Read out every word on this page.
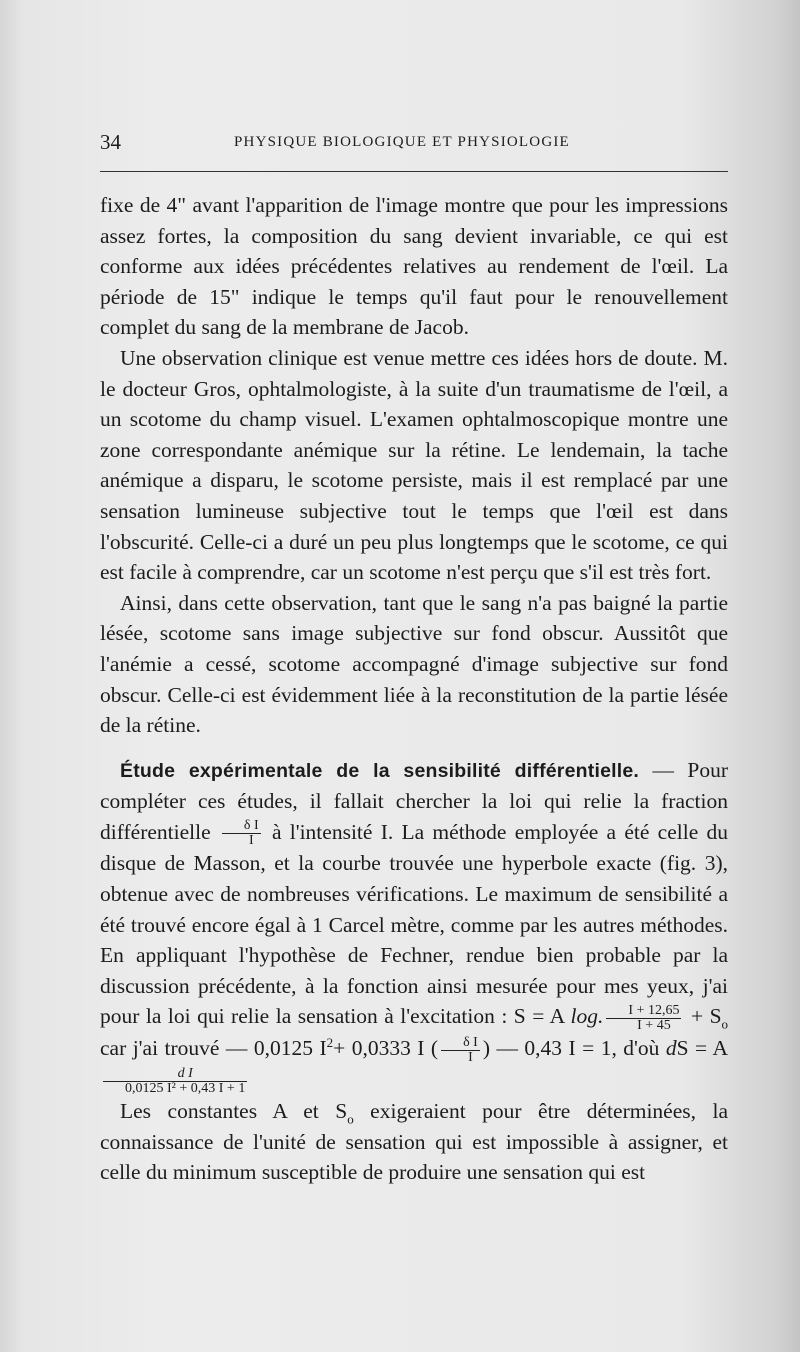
34	PHYSIQUE BIOLOGIQUE ET PHYSIOLOGIE

fixe de 4" avant l'apparition de l'image montre que pour les impressions assez fortes, la composition du sang devient invariable, ce qui est conforme aux idées précédentes relatives au rendement de l'œil. La période de 15" indique le temps qu'il faut pour le renouvellement complet du sang de la membrane de Jacob.

Une observation clinique est venue mettre ces idées hors de doute. M. le docteur Gros, ophtalmologiste, à la suite d'un traumatisme de l'œil, a un scotome du champ visuel. L'examen ophtalmoscopique montre une zone correspondante anémique sur la rétine. Le lendemain, la tache anémique a disparu, le scotome persiste, mais il est remplacé par une sensation lumineuse subjective tout le temps que l'œil est dans l'obscurité. Celle-ci a duré un peu plus longtemps que le scotome, ce qui est facile à comprendre, car un scotome n'est perçu que s'il est très fort.

Ainsi, dans cette observation, tant que le sang n'a pas baigné la partie lésée, scotome sans image subjective sur fond obscur. Aussitôt que l'anémie a cessé, scotome accompagné d'image subjective sur fond obscur. Celle-ci est évidemment liée à la reconstitution de la partie lésée de la rétine.

Étude expérimentale de la sensibilité différentielle. — Pour compléter ces études, il fallait chercher la loi qui relie la fraction différentielle $\frac{\text{δ I}}{I}$ à l'intensité I. La méthode employée a été celle du disque de Masson, et la courbe trouvée une hyperbole exacte (fig. 3), obtenue avec de nombreuses vérifications. Le maximum de sensibilité a été trouvé encore égal à 1 Carcel mètre, comme par les autres méthodes. En appliquant l'hypothèse de Fechner, rendue bien probable par la discussion précédente, à la fonction ainsi mesurée pour mes yeux, j'ai pour la loi qui relie la sensation à l'excitation : S = A log. $\frac{I + 12,65}{I + 45} + S_o$ car j'ai trouvé — 0,0125 $I^2+ 0,0333$ I ( $\frac{\text{δ I}}{I}$ ) — 0,43 I = 1, d'où dS = A
$\frac{\text{d I}}{\text{0,0125 I² + 0,43 I + 1}}$

Les constantes A et $S_o$ exigeraient pour être déterminées, la connaissance de l'unité de sensation qui est impossible à assigner, et celle du minimum susceptible de produire une sensation qui est
